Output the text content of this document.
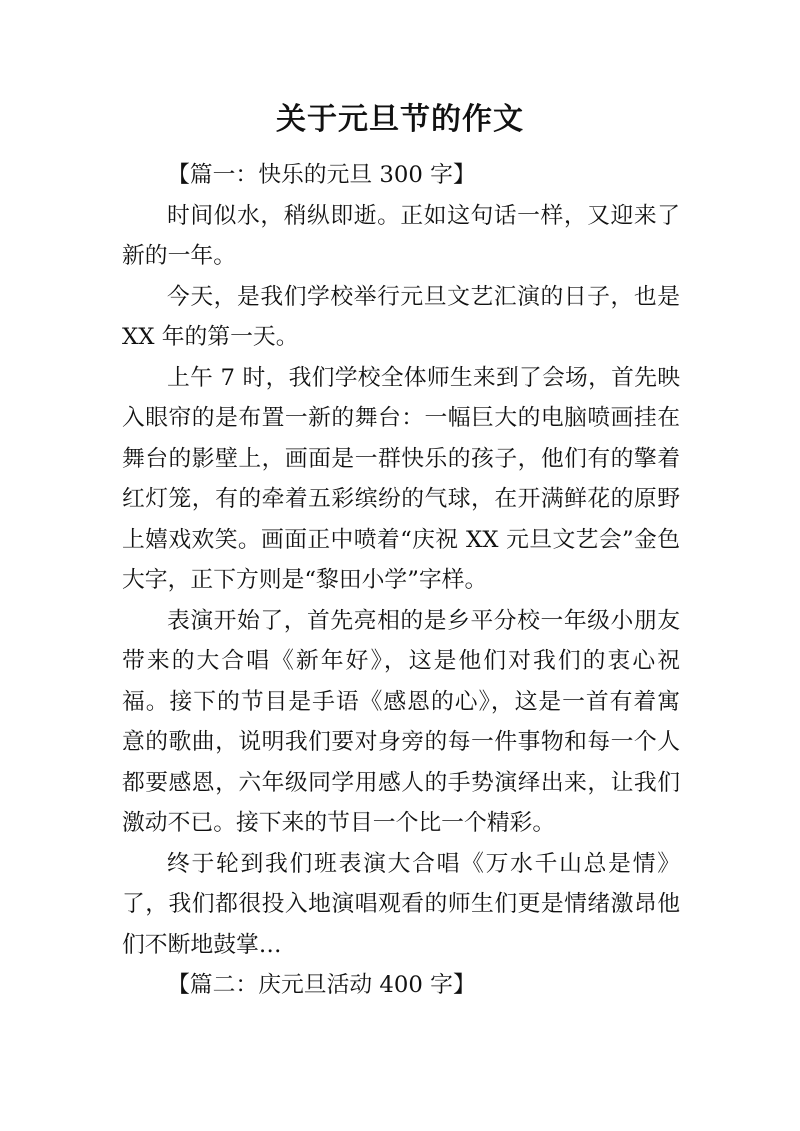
关于元旦节的作文

【篇一：快乐的元旦 300 字】

时间似水，稍纵即逝。正如这句话一样，又迎来了新的一年。

今天，是我们学校举行元旦文艺汇演的日子，也是 XX 年的第一天。

上午 7 时，我们学校全体师生来到了会场，首先映入眼帘的是布置一新的舞台：一幅巨大的电脑喷画挂在舞台的影壁上，画面是一群快乐的孩子，他们有的擎着红灯笼，有的牵着五彩缤纷的气球，在开满鲜花的原野上嬉戏欢笑。画面正中喷着“庆祝 XX 元旦文艺会”金色大字，正下方则是“黎田小学”字样。

表演开始了，首先亮相的是乡平分校一年级小朋友带来的大合唱《新年好》，这是他们对我们的衷心祝福。接下的节目是手语《感恩的心》，这是一首有着寓意的歌曲，说明我们要对身旁的每一件事物和每一个人都要感恩，六年级同学用感人的手势演绎出来，让我们激动不已。接下来的节目一个比一个精彩。

终于轮到我们班表演大合唱《万水千山总是情》了，我们都很投入地演唱观看的师生们更是情绪激昂他们不断地鼓掌…

【篇二：庆元旦活动 400 字】
